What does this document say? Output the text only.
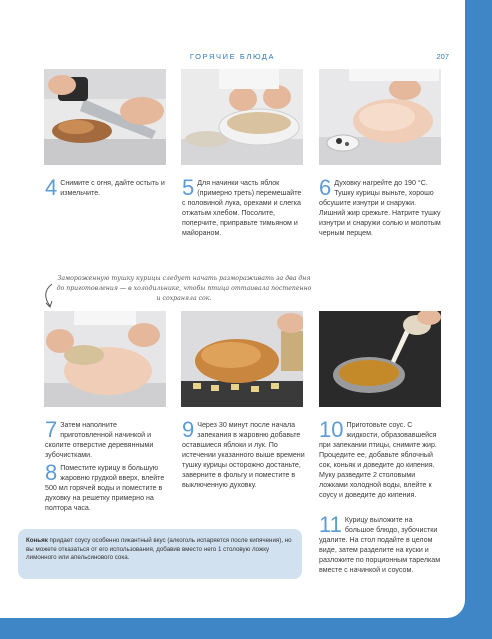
ГОРЯЧИЕ БЛЮДА	207
4 Снимите с огня, дайте остыть и измельчите.	5 Для начинки часть яблок (примерно треть) перемешайте с половиной лука, орехами и слегка отжатым хлебом. Посолите, поперчите, приправьте тимьяном и майораном.

6 Духовку нагрейте до 190 °С. Тушку курицы выньте, хорошо обсушите изнутри и снаружи. Лишний жир срежьте. Натрите тушку изнутри и снаружи солью и молотым черным перцем.

Замороженную тушку курицы следует начать размораживать за два дня до приготовления — в холодильнике, чтобы птица оттаивала постепенно и сохраняла сок.
7 Затем наполните приготовленной начинкой и сколите отверстие деревянными зубочистками.

8 Поместите курицу в большую жаровню грудкой вверх, влейте 500 мл горячей воды и поместите в духовку на решетку примерно на полтора часа.

9 Через 30 минут после начала запекания в жаровню добавьте оставшиеся яблоки и лук. По истечении указанного выше времени тушку курицы осторожно достаньте, заверните в фольгу и поместите в выключенную духовку.

10 Приготовьте соус. С жидкости, образовавшейся при запекании птицы, снимите жир. Процедите ее, добавьте яблочный сок, коньяк и доведите до кипения. Муку разведите 2 столовыми ложками холодной воды, влейте к соусу и доведите до кипения.

11 Курицу выложите на большое блюдо, зубочистки удалите. На стол подайте в целом виде, затем разделите на куски и разложите по порционным тарелкам вместе с начинкой и соусом.

Коньяк придает соусу особенно пикантный вкус (алкоголь испаряется после кипячения), но вы можете отказаться от его использования, добавив вместо него 1 столовую ложку лимонного или апельсинового сока.
